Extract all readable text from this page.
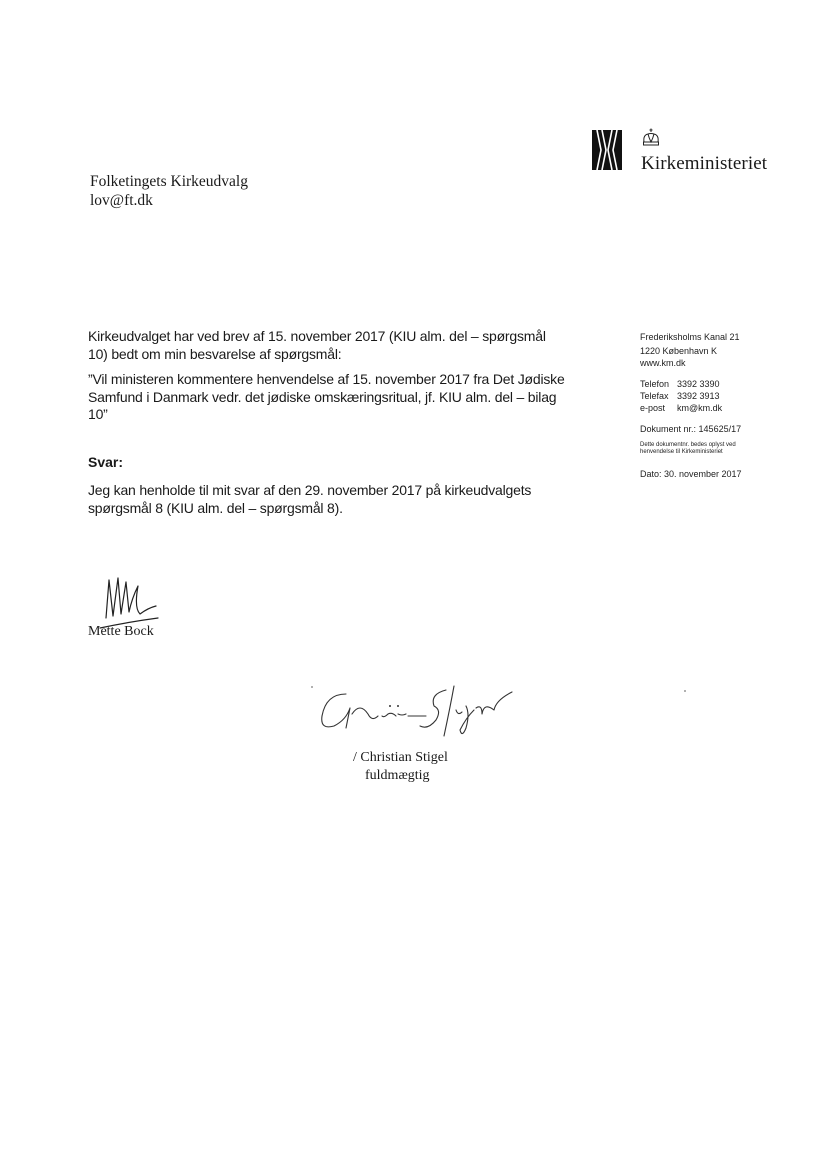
Kirkeministeriet
Folketingets Kirkeudvalg
lov@ft.dk
Frederiksholms Kanal 21
1220 København K
www.km.dk
Telefon 3392 3390
Telefax 3392 3913
e-post km@km.dk
Dokument nr.: 145625/17
Dette dokumentnr. bedes oplyst ved
henvendelse til Kirkeministeriet
Dato: 30. november 2017
Kirkeudvalget har ved brev af 15. november 2017 (KIU alm. del – spørgsmål
10) bedt om min besvarelse af spørgsmål:
”Vil ministeren kommentere henvendelse af 15. november 2017 fra Det Jødiske
Samfund i Danmark vedr. det jødiske omskæringsritual, jf. KIU alm. del – bilag
10”
Svar:
Jeg kan henholde til mit svar af den 29. november 2017 på kirkeudvalgets
spørgsmål 8 (KIU alm. del – spørgsmål 8).
Mette Bock
/ Christian Stigel
fuldmægtig
